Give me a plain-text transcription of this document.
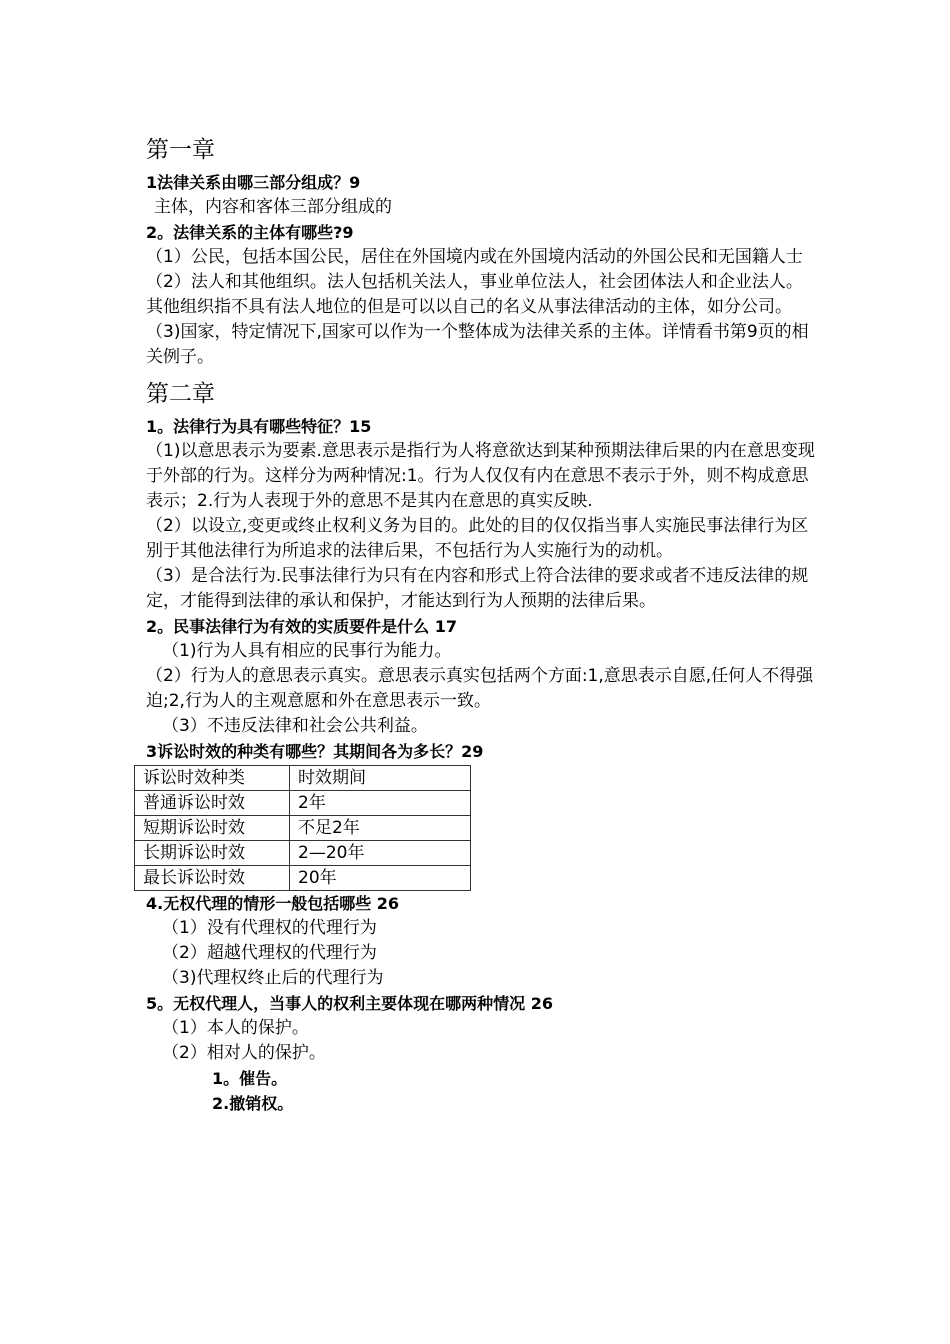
第一章

1法律关系由哪三部分组成？9

主体，内容和客体三部分组成的

2。法律关系的主体有哪些?9

（1）公民，包括本国公民，居住在外国境内或在外国境内活动的外国公民和无国籍人士

（2）法人和其他组织。法人包括机关法人，事业单位法人，社会团体法人和企业法人。其他组织指不具有法人地位的但是可以以自己的名义从事法律活动的主体，如分公司。

（3)国家，特定情况下,国家可以作为一个整体成为法律关系的主体。详情看书第9页的相关例子。

第二章

1。法律行为具有哪些特征？15

（1)以意思表示为要素.意思表示是指行为人将意欲达到某种预期法律后果的内在意思变现于外部的行为。这样分为两种情况:1。行为人仅仅有内在意思不表示于外，则不构成意思表示；2.行为人表现于外的意思不是其内在意思的真实反映.

（2）以设立,变更或终止权利义务为目的。此处的目的仅仅指当事人实施民事法律行为区别于其他法律行为所追求的法律后果，不包括行为人实施行为的动机。

（3）是合法行为.民事法律行为只有在内容和形式上符合法律的要求或者不违反法律的规定，才能得到法律的承认和保护，才能达到行为人预期的法律后果。

2。民事法律行为有效的实质要件是什么 17

（1)行为人具有相应的民事行为能力。

（2）行为人的意思表示真实。意思表示真实包括两个方面:1,意思表示自愿,任何人不得强迫;2,行为人的主观意愿和外在意思表示一致。

（3）不违反法律和社会公共利益。

3诉讼时效的种类有哪些？其期间各为多长？29

诉讼时效种类	时效期间
普通诉讼时效	2年
短期诉讼时效	不足2年
长期诉讼时效	2—20年
最长诉讼时效	20年

4.无权代理的情形一般包括哪些 26

（1）没有代理权的代理行为

（2）超越代理权的代理行为

（3)代理权终止后的代理行为

5。无权代理人，当事人的权利主要体现在哪两种情况 26

（1）本人的保护。

（2）相对人的保护。

1。催告。

2.撤销权。
